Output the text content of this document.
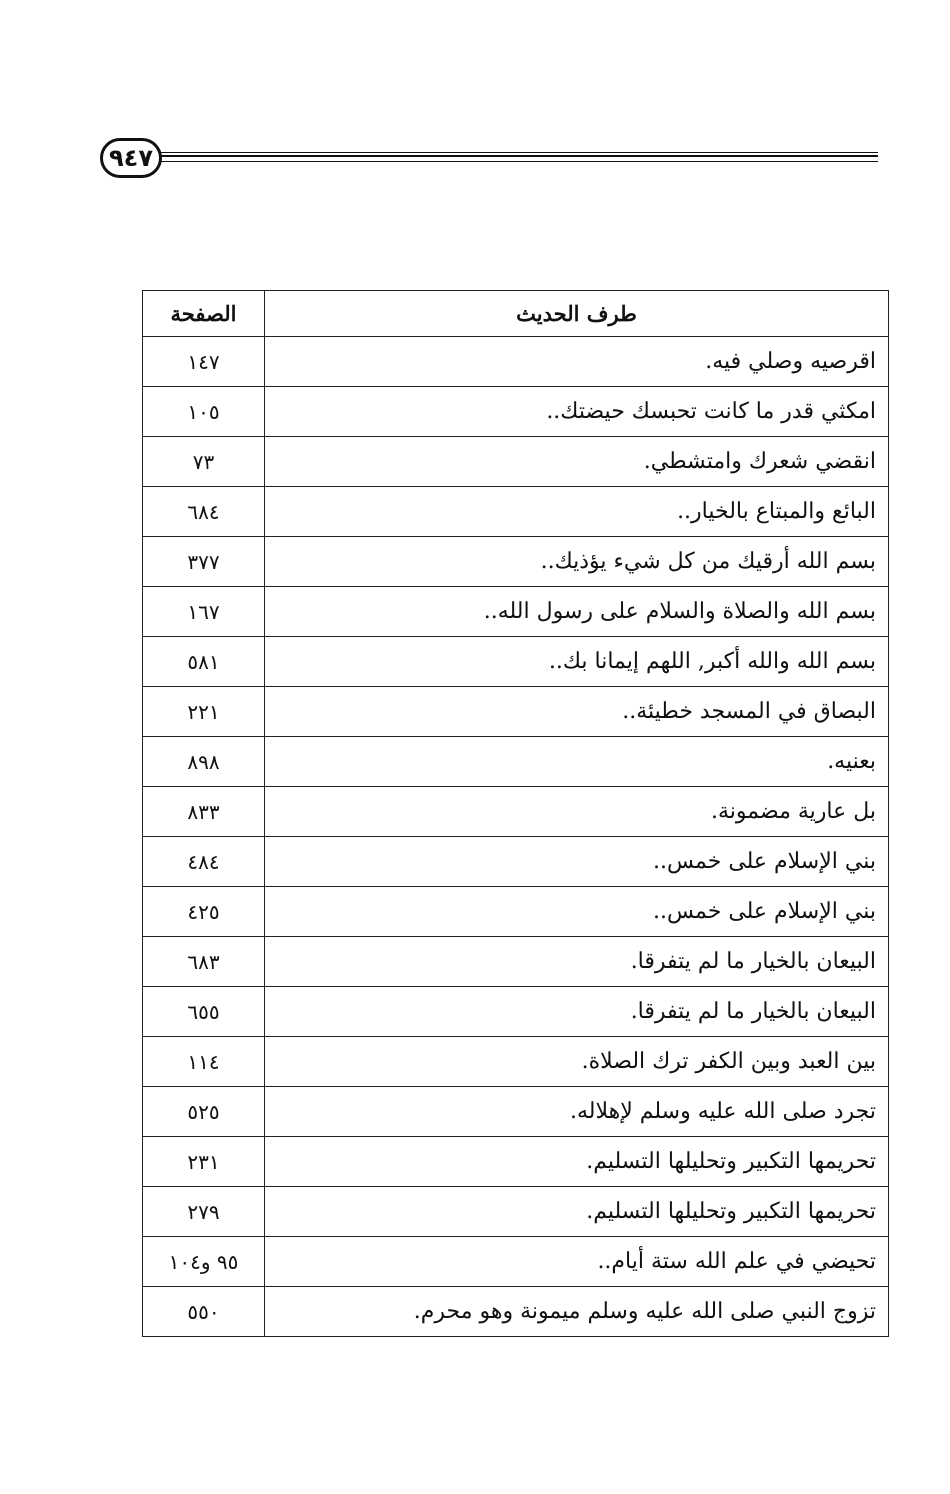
٩٤٧
طرف الحديث	الصفحة
اقرصيه وصلي فيه.	١٤٧
امكثي قدر ما كانت تحبسك حيضتك..	١٠٥
انقضي شعرك وامتشطي.	٧٣
البائع والمبتاع بالخيار..	٦٨٤
بسم الله أرقيك من كل شيء يؤذيك..	٣٧٧
بسم الله والصلاة والسلام على رسول الله..	١٦٧
بسم الله والله أكبر, اللهم إيمانا بك..	٥٨١
البصاق في المسجد خطيئة..	٢٢١
بعنيه.	٨٩٨
بل عارية مضمونة.	٨٣٣
بني الإسلام على خمس..	٤٨٤
بني الإسلام على خمس..	٤٢٥
البيعان بالخيار ما لم يتفرقا.	٦٨٣
البيعان بالخيار ما لم يتفرقا.	٦٥٥
بين العبد وبين الكفر ترك الصلاة.	١١٤
تجرد صلى الله عليه وسلم لإهلاله.	٥٢٥
تحريمها التكبير وتحليلها التسليم.	٢٣١
تحريمها التكبير وتحليلها التسليم.	٢٧٩
تحيضي في علم الله ستة أيام..	٩٥ و١٠٤
تزوج النبي صلى الله عليه وسلم ميمونة وهو محرم.	٥٥٠
